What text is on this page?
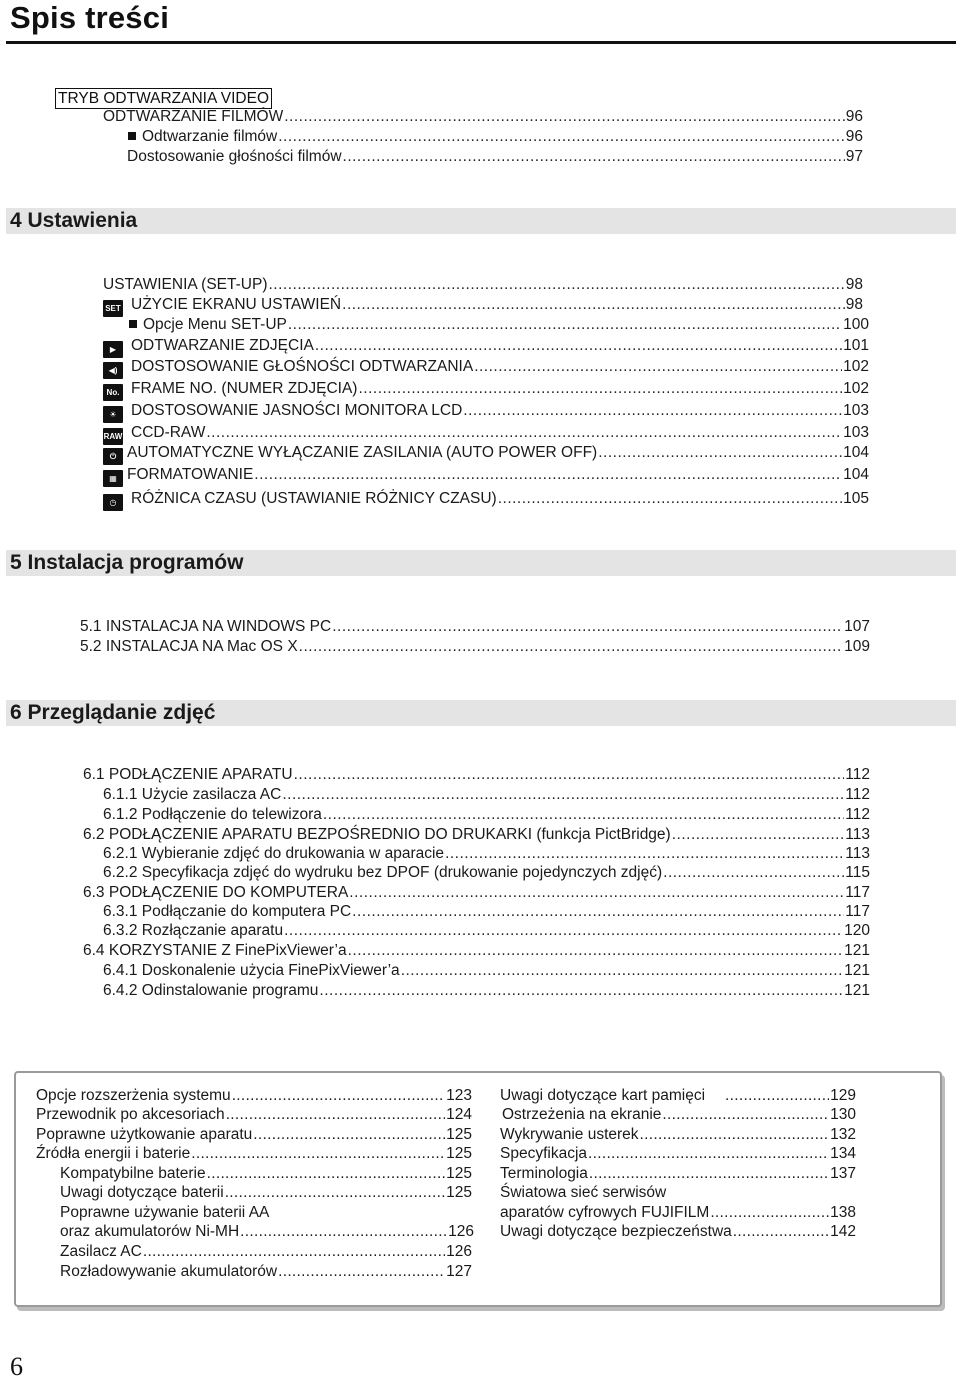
Spis treści
TRYB ODTWARZANIA VIDEO
ODTWARZANIE FILMÓW .....	96
Odtwarzanie filmów .....	96
Dostosowanie głośności filmów .....	97
4 Ustawienia
USTAWIENIA (SET-UP) .....	98
SET UŻYCIE EKRANU USTAWIEŃ .....	98
Opcje Menu SET-UP .....	100
▶ ODTWARZANIE ZDJĘCIA .....	101
◀) DOSTOSOWANIE GŁOŚNOŚCI ODTWARZANIA .....	102
No. FRAME NO. (NUMER ZDJĘCIA) .....	102
☀ DOSTOSOWANIE JASNOŚCI MONITORA LCD .....	103
RAW CCD-RAW .....	103
⏻ AUTOMATYCZNE WYŁĄCZANIE ZASILANIA (AUTO POWER OFF) .....	104
▦ FORMATOWANIE .....	104
◷ RÓŻNICA CZASU (USTAWIANIE RÓŻNICY CZASU) .....	105
5 Instalacja programów
5.1 INSTALACJA NA WINDOWS PC .....	107
5.2 INSTALACJA NA Mac OS X .....	109
6 Przeglądanie zdjęć
6.1 PODŁĄCZENIE APARATU .....	112
6.1.1 Użycie zasilacza AC .....	112
6.1.2 Podłączenie do telewizora .....	112
6.2 PODŁĄCZENIE APARATU BEZPOŚREDNIO DO DRUKARKI (funkcja PictBridge) .....	113
6.2.1 Wybieranie zdjęć do drukowania w aparacie .....	113
6.2.2 Specyfikacja zdjęć do wydruku bez DPOF (drukowanie pojedynczych zdjęć) .....	115
6.3 PODŁĄCZENIE DO KOMPUTERA .....	117
6.3.1 Podłączanie do komputera PC .....	117
6.3.2 Rozłączanie aparatu .....	120
6.4 KORZYSTANIE Z FinePixViewer’a .....	121
6.4.1 Doskonalenie użycia FinePixViewer’a .....	121
6.4.2 Odinstalowanie programu .....	121
Opcje rozszerżenia systemu .....	123
Przewodnik po akcesoriach .....	124
Poprawne użytkowanie aparatu .....	125
Źródła energii i baterie .....	125
Kompatybilne baterie .....	125
Uwagi dotyczące baterii .....	125
Poprawne używanie baterii AA
oraz akumulatorów Ni-MH .....	126
Zasilacz AC .....	126
Rozładowywanie akumulatorów .....	127
Uwagi dotyczące kart pamięci .....	129
Ostrzeżenia na ekranie .....	130
Wykrywanie usterek .....	132
Specyfikacja .....	134
Terminologia .....	137
Światowa sieć serwisów
aparatów cyfrowych FUJIFILM .....	138
Uwagi dotyczące bezpieczeństwa .....	142
6
